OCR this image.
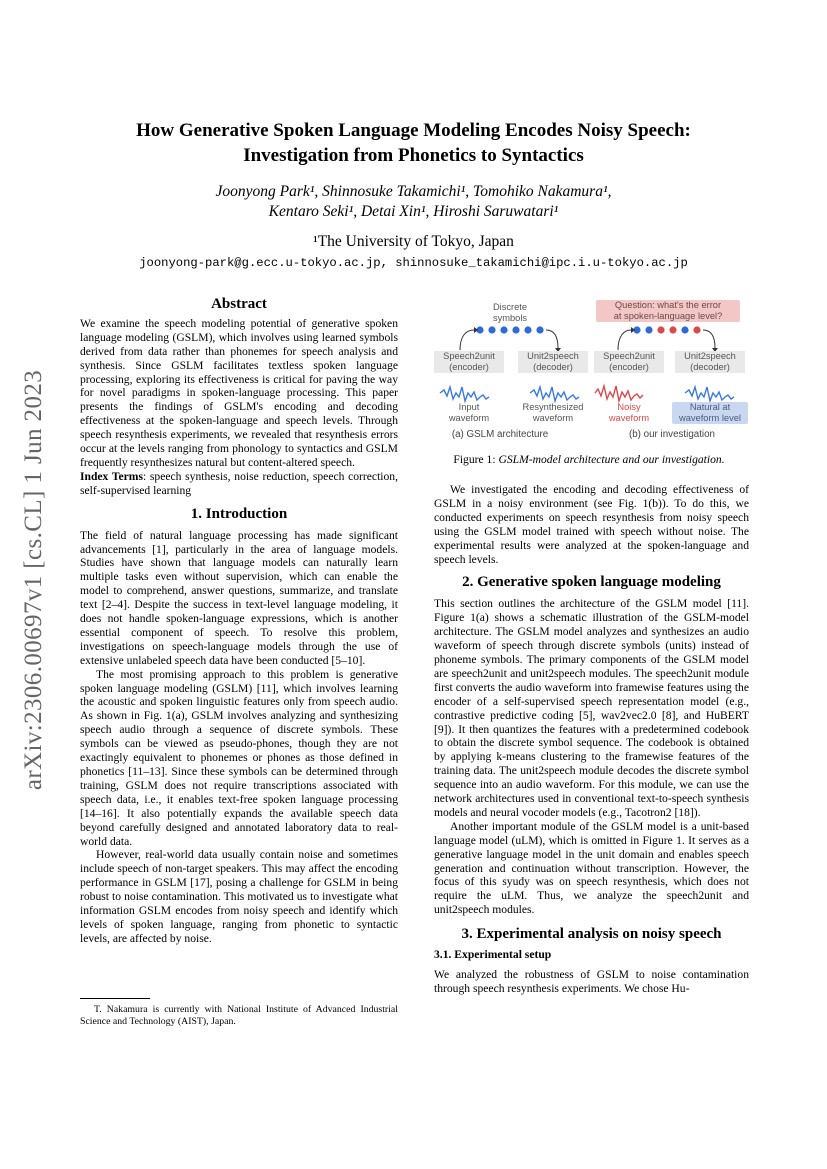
How Generative Spoken Language Modeling Encodes Noisy Speech:
Investigation from Phonetics to Syntactics
Joonyong Park¹, Shinnosuke Takamichi¹, Tomohiko Nakamura¹,
Kentaro Seki¹, Detai Xin¹, Hiroshi Saruwatari¹
¹The University of Tokyo, Japan
joonyong-park@g.ecc.u-tokyo.ac.jp, shinnosuke_takamichi@ipc.i.u-tokyo.ac.jp
arXiv:2306.00697v1 [cs.CL] 1 Jun 2023
Abstract

We examine the speech modeling potential of generative spoken language modeling (GSLM), which involves using learned symbols derived from data rather than phonemes for speech analysis and synthesis. Since GSLM facilitates textless spoken language processing, exploring its effectiveness is critical for paving the way for novel paradigms in spoken-language processing. This paper presents the findings of GSLM's encoding and decoding effectiveness at the spoken-language and speech levels. Through speech resynthesis experiments, we revealed that resynthesis errors occur at the levels ranging from phonology to syntactics and GSLM frequently resynthesizes natural but content-altered speech.

Index Terms: speech synthesis, noise reduction, speech correction, self-supervised learning

1. Introduction

The field of natural language processing has made significant advancements [1], particularly in the area of language models. Studies have shown that language models can naturally learn multiple tasks even without supervision, which can enable the model to comprehend, answer questions, summarize, and translate text [2–4]. Despite the success in text-level language modeling, it does not handle spoken-language expressions, which is another essential component of speech. To resolve this problem, investigations on speech-language models through the use of extensive unlabeled speech data have been conducted [5–10].

The most promising approach to this problem is generative spoken language modeling (GSLM) [11], which involves learning the acoustic and spoken linguistic features only from speech audio. As shown in Fig. 1(a), GSLM involves analyzing and synthesizing speech audio through a sequence of discrete symbols. These symbols can be viewed as pseudo-phones, though they are not exactingly equivalent to phonemes or phones as those defined in phonetics [11–13]. Since these symbols can be determined through training, GSLM does not require transcriptions associated with speech data, i.e., it enables text-free spoken language processing [14–16]. It also potentially expands the available speech data beyond carefully designed and annotated laboratory data to real-world data.

However, real-world data usually contain noise and sometimes include speech of non-target speakers. This may affect the encoding performance in GSLM [17], posing a challenge for GSLM in being robust to noise contamination. This motivated us to investigate what information GSLM encodes from noisy speech and identify which levels of spoken language, ranging from phonetic to syntactic levels, are affected by noise.

T. Nakamura is currently with National Institute of Advanced Industrial Science and Technology (AIST), Japan.
Discrete
symbols
Question: what's the error
at spoken-language level?
Speech2unit
(encoder)
Unit2speech
(decoder)
Speech2unit
(encoder)
Unit2speech
(decoder)
Input
waveform
Resynthesized
waveform
Noisy
waveform
Natural at
waveform level
(a) GSLM architecture	(b) our investigation
Figure 1: GSLM-model architecture and our investigation.

We investigated the encoding and decoding effectiveness of GSLM in a noisy environment (see Fig. 1(b)). To do this, we conducted experiments on speech resynthesis from noisy speech using the GSLM model trained with speech without noise. The experimental results were analyzed at the spoken-language and speech levels.

2. Generative spoken language modeling

This section outlines the architecture of the GSLM model [11]. Figure 1(a) shows a schematic illustration of the GSLM-model architecture. The GSLM model analyzes and synthesizes an audio waveform of speech through discrete symbols (units) instead of phoneme symbols. The primary components of the GSLM model are speech2unit and unit2speech modules. The speech2unit module first converts the audio waveform into framewise features using the encoder of a self-supervised speech representation model (e.g., contrastive predictive coding [5], wav2vec2.0 [8], and HuBERT [9]). It then quantizes the features with a predetermined codebook to obtain the discrete symbol sequence. The codebook is obtained by applying k-means clustering to the framewise features of the training data. The unit2speech module decodes the discrete symbol sequence into an audio waveform. For this module, we can use the network architectures used in conventional text-to-speech synthesis models and neural vocoder models (e.g., Tacotron2 [18]).

Another important module of the GSLM model is a unit-based language model (uLM), which is omitted in Figure 1. It serves as a generative language model in the unit domain and enables speech generation and continuation without transcription. However, the focus of this syudy was on speech resynthesis, which does not require the uLM. Thus, we analyze the speech2unit and unit2speech modules.

3. Experimental analysis on noisy speech
3.1. Experimental setup

We analyzed the robustness of GSLM to noise contamination through speech resynthesis experiments. We chose Hu-
